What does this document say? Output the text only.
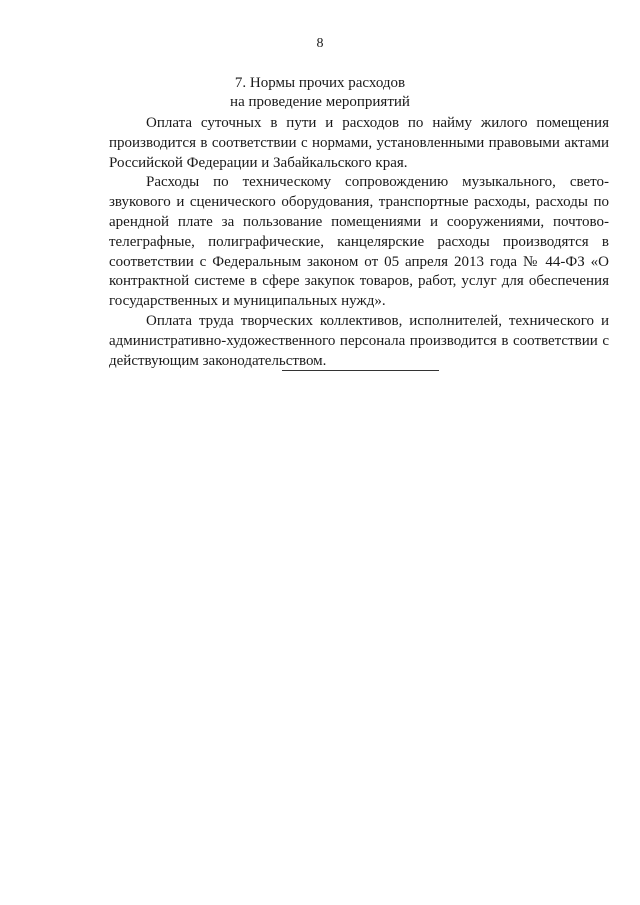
8
7. Нормы прочих расходов
на проведение мероприятий

Оплата суточных в пути и расходов по найму жилого помещения производится в соответствии с нормами, установленными правовыми актами Российской Федерации и Забайкальского края.

Расходы по техническому сопровождению музыкального, свето-звукового и сценического оборудования, транспортные расходы, расходы по арендной плате за пользование помещениями и сооружениями, почтово-телеграфные, полиграфические, канцелярские расходы производятся в соответствии с Федеральным законом от 05 апреля 2013 года № 44-ФЗ «О контрактной системе в сфере закупок товаров, работ, услуг для обеспечения государственных и муниципальных нужд».

Оплата труда творческих коллективов, исполнителей, технического и административно-художественного персонала производится в соответствии с действующим законодательством.
